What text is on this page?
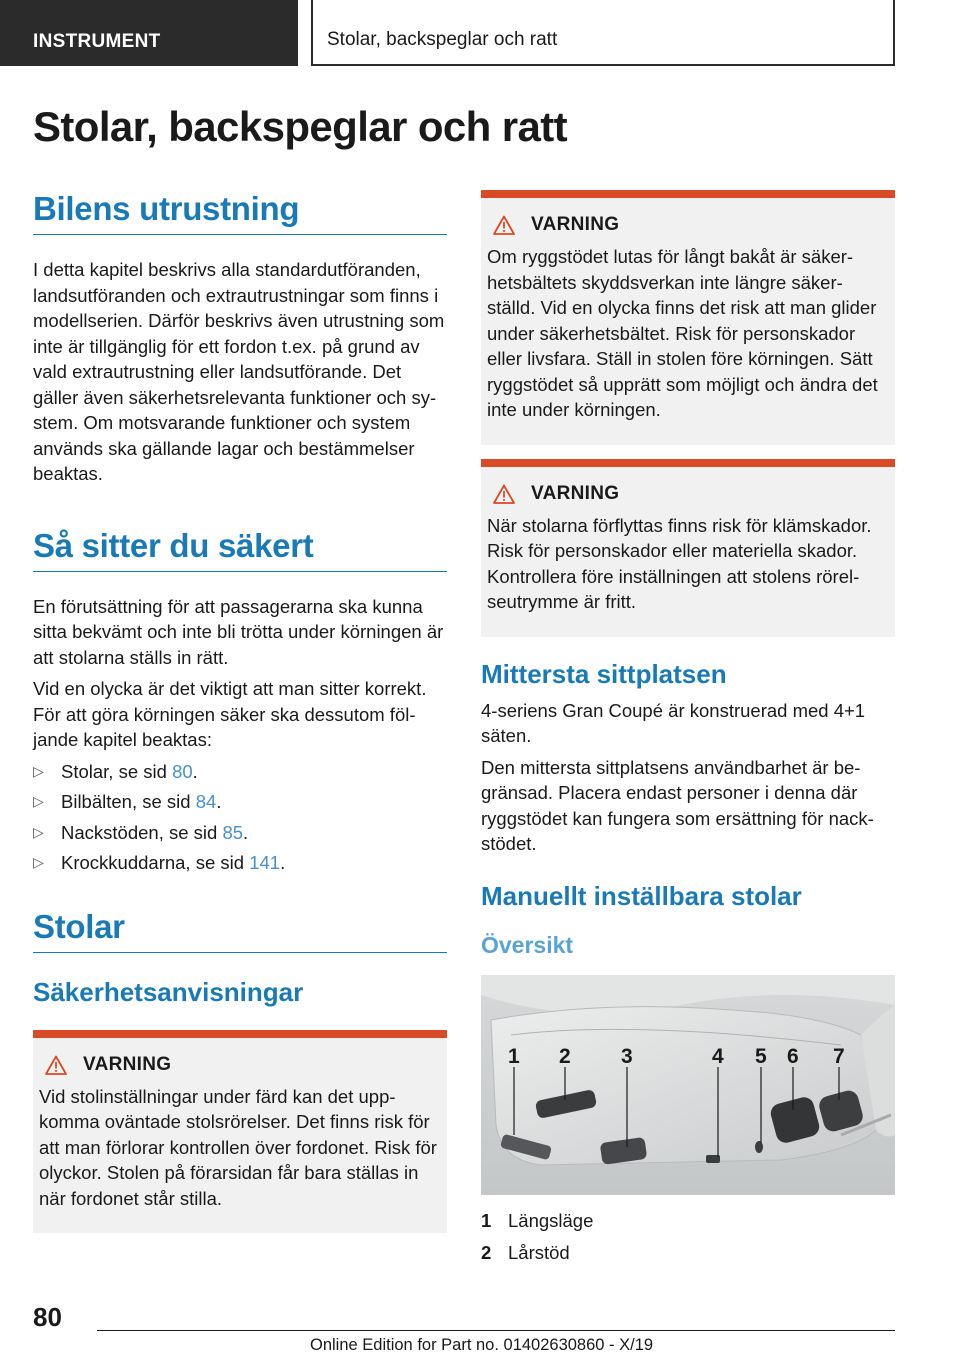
INSTRUMENT	Stolar, backspeglar och ratt
Stolar, backspeglar och ratt
Bilens utrustning

I detta kapitel beskrivs alla standardutföranden, landsutföranden och extrautrustningar som finns i modellserien. Därför beskrivs även utrustning som inte är tillgänglig för ett fordon t.ex. på grund av vald extrautrustning eller landsutförande. Det gäller även säkerhetsrelevanta funktioner och sy‐ stem. Om motsvarande funktioner och system används ska gällande lagar och bestämmelser beaktas.

Så sitter du säkert

En förutsättning för att passagerarna ska kunna sitta bekvämt och inte bli trötta under körningen är att stolarna ställs in rätt.

Vid en olycka är det viktigt att man sitter korrekt. För att göra körningen säker ska dessutom föl‐ jande kapitel beaktas:

▷ Stolar, se sid 80.
▷ Bilbälten, se sid 84.
▷ Nackstöden, se sid 85.
▷ Krockkuddarna, se sid 141.
Stolar
Säkerhetsanvisningar
VARNING

Vid stolinställningar under färd kan det upp‐ komma oväntade stolsrörelser. Det finns risk för att man förlorar kontrollen över fordonet. Risk för olyckor. Stolen på förarsidan får bara ställas in när fordonet står stilla.

VARNING

Om ryggstödet lutas för långt bakåt är säker‐ hetsbältets skyddsverkan inte längre säker‐ ställd. Vid en olycka finns det risk att man glider under säkerhetsbältet. Risk för personskador eller livsfara. Ställ in stolen före körningen. Sätt ryggstödet så upprätt som möjligt och ändra det inte under körningen.

VARNING

När stolarna förflyttas finns risk för klämskador. Risk för personskador eller materiella skador. Kontrollera före inställningen att stolens rörel‐ seutrymme är fritt.

Mittersta sittplatsen

4-seriens Gran Coupé är konstruerad med 4+1 säten.

Den mittersta sittplatsens användbarhet är be‐ gränsad. Placera endast personer i denna där ryggstödet kan fungera som ersättning för nack‐ stödet.

Manuellt inställbara stolar
Översikt
1 2 3	4 5 6 7
1 Längsläge
2 Lårstöd
80
Online Edition for Part no. 01402630860 - X/19
